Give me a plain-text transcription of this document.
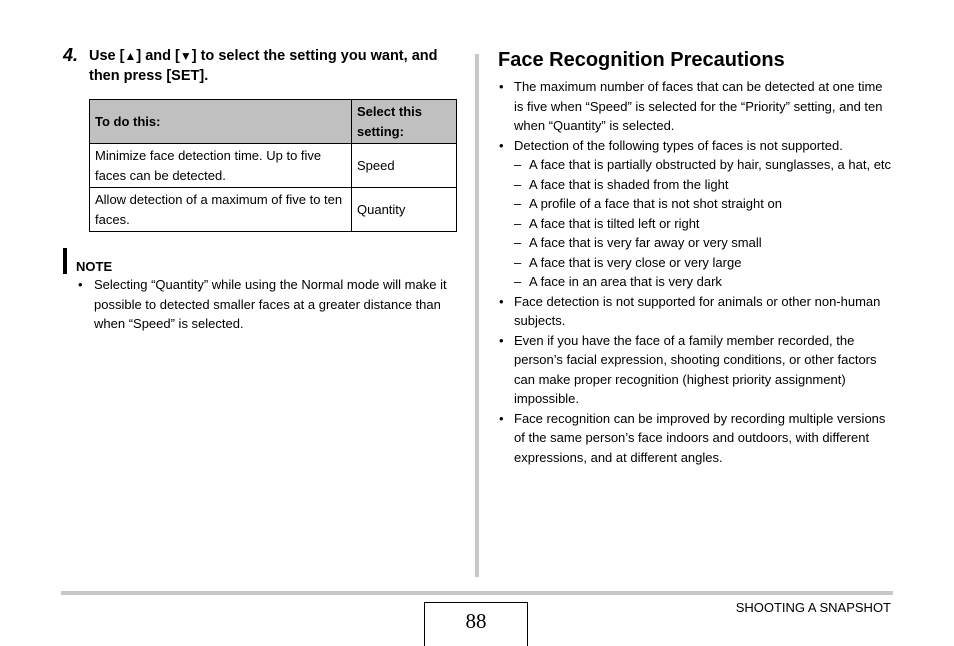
4. Use [▲] and [▼] to select the setting you want, and then press [SET].
To do this:	Select this setting:
Minimize face detection time. Up to five faces can be detected.	Speed
Allow detection of a maximum of five to ten faces.	Quantity
NOTE
• Selecting “Quantity” while using the Normal mode will make it possible to detected smaller faces at a greater distance than when “Speed” is selected.
Face Recognition Precautions
• The maximum number of faces that can be detected at one time is five when “Speed” is selected for the “Priority” setting, and ten when “Quantity” is selected.
• Detection of the following types of faces is not supported.
– A face that is partially obstructed by hair, sunglasses, a hat, etc
– A face that is shaded from the light
– A profile of a face that is not shot straight on
– A face that is tilted left or right
– A face that is very far away or very small
– A face that is very close or very large
– A face in an area that is very dark
• Face detection is not supported for animals or other non-human subjects.
• Even if you have the face of a family member recorded, the person’s facial expression, shooting conditions, or other factors can make proper recognition (highest priority assignment) impossible.
• Face recognition can be improved by recording multiple versions of the same person’s face indoors and outdoors, with different expressions, and at different angles.
88
SHOOTING A SNAPSHOT
